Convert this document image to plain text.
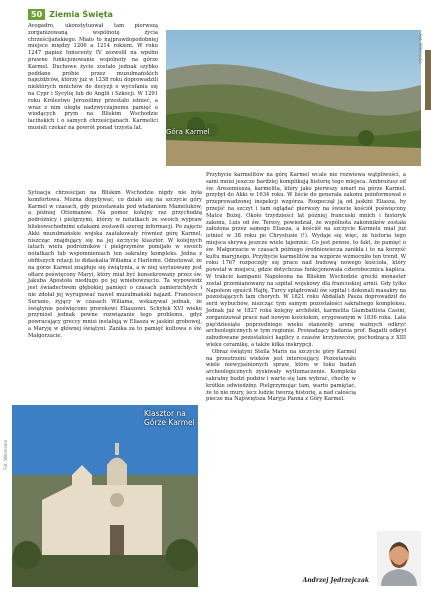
50 Ziemia Święta

Avogadro, ukonstytuował tam pierwszą zorganizowaną wspólnotę życia chrześcijańskiego. Miało to najprawdopodobniej miejsce między 1206 a 1214 rokiem. W roku 1247 papież Innocenty IV zezwolił na wpełni prawne funkcjonowanie wspólnoty na górze Karmel. Duchowe życie zostało jednak szybko poddane próbie przez muzułmańskich najeźdźców, którzy już w 1238 roku doprowadzili niektórych mnichów do decyzji o wycofaniu się na Cypr i Sycylię lub do Anglii i Szkocji. W 1291 roku Królestwo Jerozolimy przestało istnieć, a wraz z nim uległa nadzwyczajnemu pamięć o wiodących prym na Bliskim Wschodzie łacińskich i o samych chrześcijanach. Karmelici musieli czekać na powrót ponad trzysta lat.

Góra Karmel
Fot. Wikimedia

Sytuacja chrześcijan na Bliskim Wschodzie nigdy nie była komfortowa. Można dopytywać, co działo się na szczycie góry Karmel w czasach, gdy pozostawała pod władaniem Mameluków, a później Ottomanów. Na pomoc kolejny raz przychodzą podróżnicy i pielgrzymi, którzy w notatkach ze swoich wypraw bliskowschodnimi szlakami zostawili szereg informacji. Po zajęciu Akki muzułmańskie wojska zaatakowały również górę Karmel, niszcząc znajdujący się na jej szczycie klasztor. W kolejnych latach wielu podróżników i pielgrzymów pomijało w swoich notatkach lub wspomnieniach ten sakralny kompleks. Jedna z obfitszych relacji to didaskalia Wiliama z Harlemu. Odnotował, że na górze Karmel znajduje się świątynia, a w niej usytuowany jest ołtarz poświęcony Maryi, który miał być konsekrowany przez św. Jakuba Apostoła niedługo po jej wniebowzięciu. Ta wypowiedź jest świadectwem głębokiej pamięci o czasach zamierzchłych i nie zdołał jej wyrugować nawet muzułmański najazd. Francesco Suriano, żyjący w czasach Wiliama, wskazywał jednak, że świątynie poświęcono prorokowi Eliaszowi. Schyłek XVI wieku przyniósł jednak pewne rozwiązanie tego problemu, gdyż powracający greccy mnisi instalują w Eliasza w jaskini grobowej, a Maryję w głównej świątyni. Zanika za to pamięć kultowa o św. Małgorzacie.

Klasztor na
Górze Karmel
Fot. Wikimedia

Przybycie karmelitów na górę Karmel wcale nie rozwiewa wątpliwości, a sami mnisi jeszcze bardziej komplikują historię tego miejsca. Ambrożusz od św. Aresemiusza, karmelita, który jako pierwszy umarł na górze Karmel, przybył do Akki w 1634 roku. W liście do generała zakonu poinformował o przeprowadzonej inspekcji wzgórza. Rozpoczął ją od jaskini Eliasza, by przejść na szczyt i tam oglądać pierwszy na świecie kościół poświęcony Matce Bożej. Około trzydzieści lat później francuski mnich i historyk zakonu, Luis od św. Teresy, powiedział, że wspólnota zakonników została założona przez samego Eliasza, a kościół na szczycie Karmelu miał już istnieć w 38 roku po Chrystusie (!). Wydaje się więc, że historia tego miejsca skrywa jeszcze wiele tajemnic. Co jest pewne, to fakt, że pamięć o św. Małgorzacie w czasach późnego średniowiecza zanikła i to na korzyść kultu maryjnego. Przybycie karmelitów na wzgórze wzmocniło ten trend. W roku 1767 rozpoczęły się prace nad budową nowego kościoła, który powstał w miejscu, gdzie dotychczas funkcjonowała czterobocznica kaplica. W trakcie kampanii Napoleona na Bliskim Wschodzie grecki monaster został przemianowany na szpital wojskowy dla francuskiej armii. Gdy tylko Napoleon opuścił Hajfę, Turcy splądrowali ów szpital i dokonali masakry na pozostających tam chorych. W 1821 roku Abdallah Pasza doprowadził do serii wybuchów, niszcząc tym samym pozostałości sakralnego kompleksu. Jednak już w 1827 roku kolejny architekt, karmelita Giambattista Casini, zorganizował prace nad nowym kościołem, erygowanym w 1836 roku. Lata pięćdziesiąte poprzedniego wieku stanowiły arenę ważnych odkryć archeologicznych w tym regionie. Prowadzący badania prof. Bagatti odkrył zabudowane pozostałości kaplicy z czasów krzyżowców, pochodzącą z XIII wieku ceramikę, a także kilka inskrypcji.

Obraz świątyni Stella Maris na szczycie góry Karmel na przestrzeni wieków jest interesujący. Pozostawało wiele niewyjaśnionych spraw, które w toku badań archeologicznych zyskiwały wytłumaczenie. Kompleks sakralny budzi podziw i warto się tam wybrać, choćby w krótkie odwiedziny. Pielgrzymując tam, warto pamiętać, że to nie mury, lecz ludzie tworzą historię, a nad całością piecze ma Najświętsza Maryja Panna z Góry Karmel.

Andrzej Jędrzejczak
